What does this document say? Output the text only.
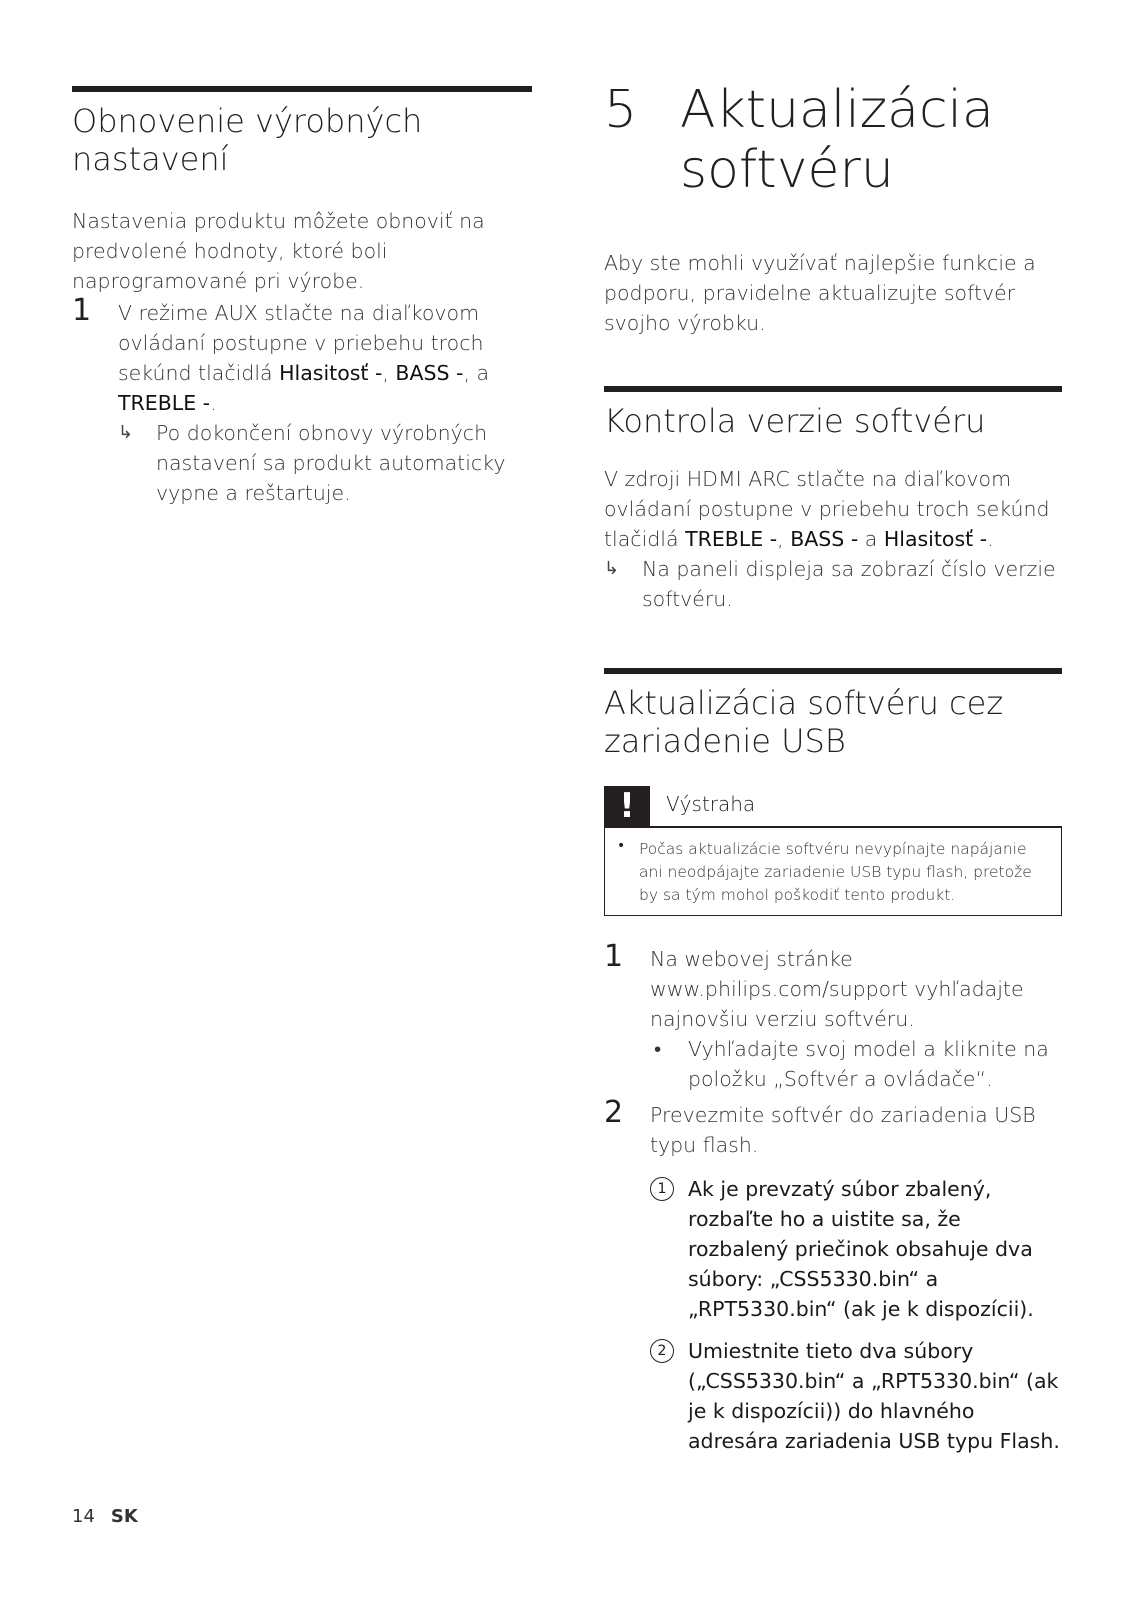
Obnovenie výrobných nastavení

Nastavenia produktu môžete obnoviť na predvolené hodnoty, ktoré boli naprogramované pri výrobe.

1 V režime AUX stlačte na diaľkovom ovládaní postupne v priebehu troch sekúnd tlačidlá Hlasitosť -, BASS -, a TREBLE -.
↳ Po dokončení obnovy výrobných nastavení sa produkt automaticky vypne a reštartuje.
5 Aktualizácia
softvéru

Aby ste mohli využívať najlepšie funkcie a podporu, pravidelne aktualizujte softvér svojho výrobku.

Kontrola verzie softvéru

V zdroji HDMI ARC stlačte na diaľkovom ovládaní postupne v priebehu troch sekúnd tlačidlá TREBLE -, BASS - a Hlasitosť -.

↳ Na paneli displeja sa zobrazí číslo verzie softvéru.
Aktualizácia softvéru cez zariadenie USB
!	Výstraha
• Počas aktualizácie softvéru nevypínajte napájanie ani neodpájajte zariadenie USB typu flash, pretože by sa tým mohol poškodiť tento produkt.
1 Na webovej stránke www.philips.com/support vyhľadajte najnovšiu verziu softvéru.
• Vyhľadajte svoj model a kliknite na položku „Softvér a ovládače“.
2 Prevezmite softvér do zariadenia USB typu flash.
1	Ak je prevzatý súbor zbalený, rozbaľte ho a uistite sa, že rozbalený priečinok obsahuje dva súbory: „CSS5330.bin“ a „RPT5330.bin“ (ak je k dispozícii).
2	Umiestnite tieto dva súbory („CSS5330.bin“ a „RPT5330.bin“ (ak je k dispozícii)) do hlavného adresára zariadenia USB typu Flash.
14 SK
